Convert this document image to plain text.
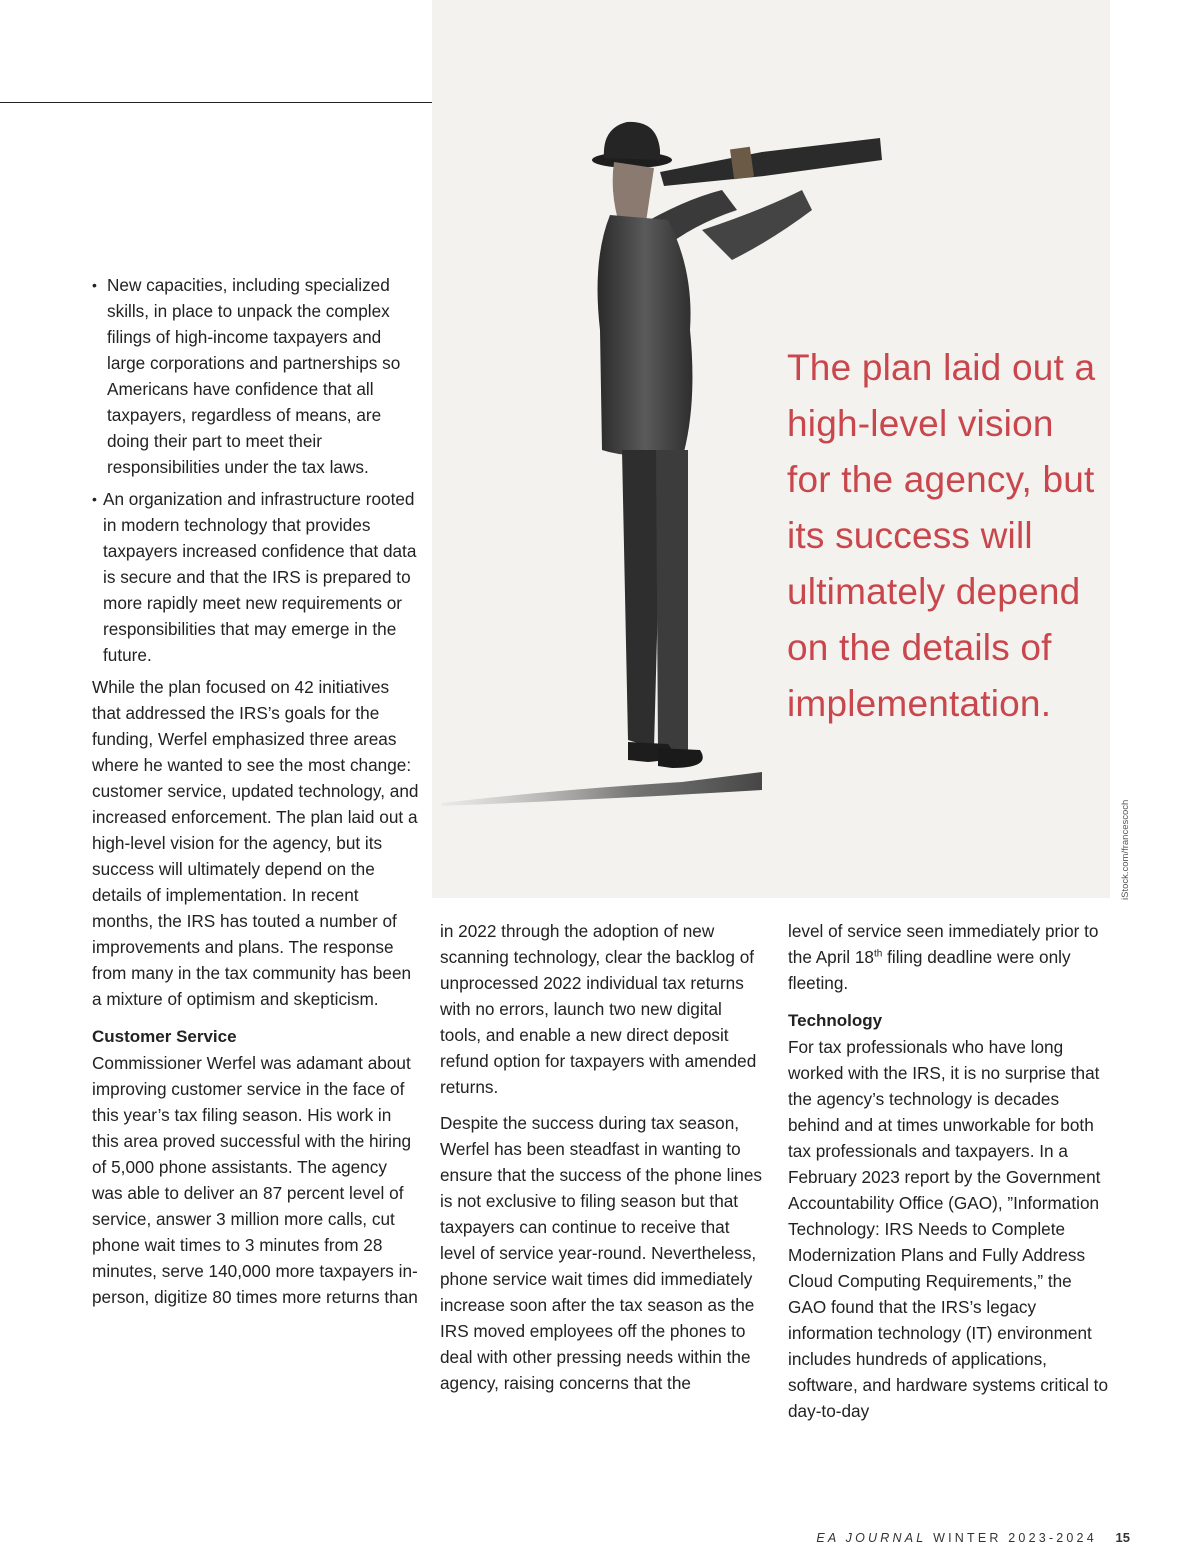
The plan laid out a high-level vision for the agency, but its success will ultimately depend on the details of implementation.
iStock.com/francescoch
• New capacities, including specialized skills, in place to unpack the complex filings of high-income taxpayers and large corporations and partnerships so Americans have confidence that all taxpayers, regardless of means, are doing their part to meet their responsibilities under the tax laws.
• An organization and infrastructure rooted in modern technology that provides taxpayers increased confidence that data is secure and that the IRS is prepared to more rapidly meet new requirements or responsibilities that may emerge in the future.

While the plan focused on 42 initiatives that addressed the IRS’s goals for the funding, Werfel emphasized three areas where he wanted to see the most change: customer service, updated technology, and increased enforcement. The plan laid out a high-level vision for the agency, but its success will ultimately depend on the details of implementation. In recent months, the IRS has touted a number of improvements and plans. The response from many in the tax community has been a mixture of optimism and skepticism.

Customer Service
Commissioner Werfel was adamant about improving customer service in the face of this year’s tax filing season. His work in this area proved successful with the hiring of 5,000 phone assistants. The agency was able to deliver an 87 percent level of service, answer 3 million more calls, cut phone wait times to 3 minutes from 28 minutes, serve 140,000 more taxpayers in-person, digitize 80 times more returns than

in 2022 through the adoption of new scanning technology, clear the backlog of unprocessed 2022 individual tax returns with no errors, launch two new digital tools, and enable a new direct deposit refund option for taxpayers with amended returns.

Despite the success during tax season, Werfel has been steadfast in wanting to ensure that the success of the phone lines is not exclusive to filing season but that taxpayers can continue to receive that level of service year-round. Nevertheless, phone service wait times did immediately increase soon after the tax season as the IRS moved employees off the phones to deal with other pressing needs within the agency, raising concerns that the

level of service seen immediately prior to the April 18th filing deadline were only fleeting.

Technology
For tax professionals who have long worked with the IRS, it is no surprise that the agency’s technology is decades behind and at times unworkable for both tax professionals and taxpayers. In a February 2023 report by the Government Accountability Office (GAO), ”Information Technology: IRS Needs to Complete Modernization Plans and Fully Address Cloud Computing Requirements,” the GAO found that the IRS’s legacy information technology (IT) environment includes hundreds of applications, software, and hardware systems critical to day-to-day

EA JOURNAL WINTER 2023-2024 15
